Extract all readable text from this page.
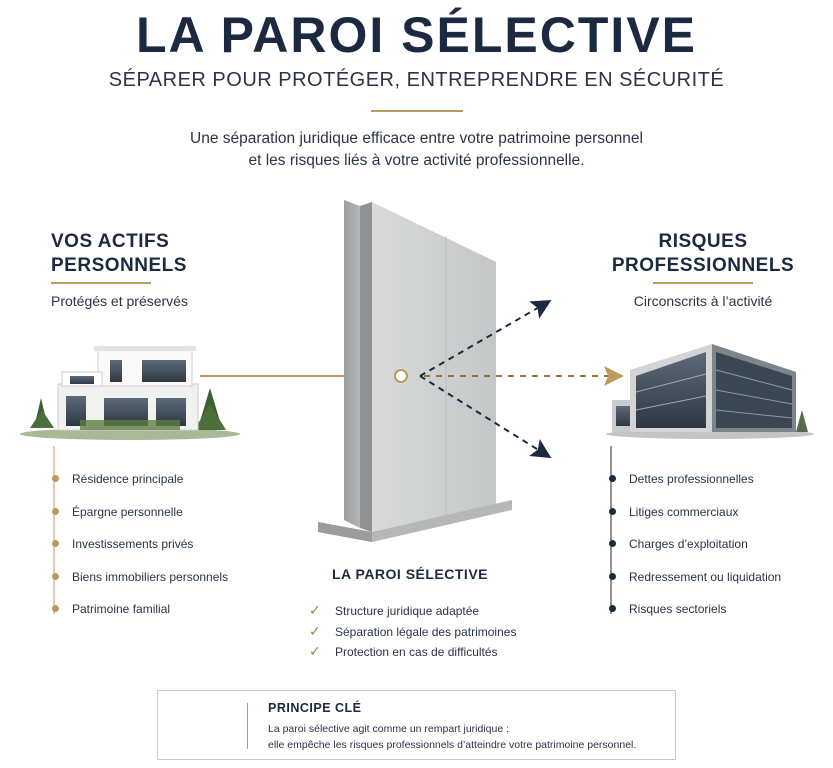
LA PAROI SÉLECTIVE
SÉPARER POUR PROTÉGER, ENTREPRENDRE EN SÉCURITÉ
Une séparation juridique efficace entre votre patrimoine personnel
et les risques liés à votre activité professionnelle.
VOS ACTIFS
PERSONNELS
Protégés et préservés
RISQUES
PROFESSIONNELS
Circonscrits à l’activité
Résidence principale
Épargne personnelle
Investissements privés
Biens immobiliers personnels
Patrimoine familial
Dettes professionnelles
Litiges commerciaux
Charges d’exploitation
Redressement ou liquidation
Risques sectoriels
LA PAROI SÉLECTIVE
✓ Structure juridique adaptée
✓ Séparation légale des patrimoines
✓ Protection en cas de difficultés
PRINCIPE CLÉ
La paroi sélective agit comme un rempart juridique :
elle empêche les risques professionnels d’atteindre votre patrimoine personnel.
